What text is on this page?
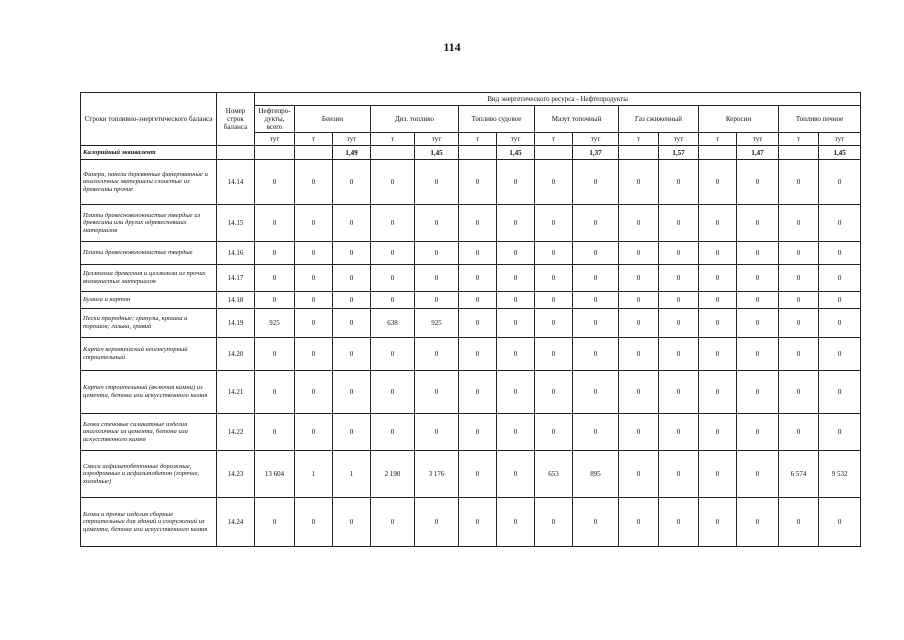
114
Строки топливно-энергетического баланса	Номер строк баланса	Вид энергетического ресурса - Нефтепродукты														
		Нефтепро-дукты, всего	Бензин		Диз. топливо		Топливо судовое		Мазут топочный		Газ сжиженный		Керосин		Топливо печное	
		тут	т	тут	т	тут	т	тут	т	тут	т	тут	т	тут	т	тут
Калорийный эквивалент				1,49		1,45		1,45		1,37		1,57		1,47		1,45
Фанера, панели деревянные фанерованные и аналогичные материалы слоистые из древесины прочие	14.14	0	0	0	0	0	0	0	0	0	0	0	0	0	0	0
Плиты древесноволокнистые твердые из древесины или других одревесневших материалов	14.15	0	0	0	0	0	0	0	0	0	0	0	0	0	0	0
Плиты древесноволокнистые твердые	14.16	0	0	0	0	0	0	0	0	0	0	0	0	0	0	0
Целлюлоза древесная и целлюлоза из прочих волокнистых материалов	14.17	0	0	0	0	0	0	0	0	0	0	0	0	0	0	0
Бумага и картон	14.18	0	0	0	0	0	0	0	0	0	0	0	0	0	0	0
Пески природные; гранулы, крошка и порошок; галька, гравий	14.19	925	0	0	638	925	0	0	0	0	0	0	0	0	0	0
Кирпич керамический неогнеупорный строительный	14.20	0	0	0	0	0	0	0	0	0	0	0	0	0	0	0
Кирпич строительный (включая камни) из цемента, бетона или искусственного камня	14.21	0	0	0	0	0	0	0	0	0	0	0	0	0	0	0
Блоки стеновые силикатные изделия аналогичные из цемента, бетона или искусственного камня	14.22	0	0	0	0	0	0	0	0	0	0	0	0	0	0	0
Смеси асфальтобетонные дорожные, аэродромные и асфальтобетон (горячие, холодные)	14.23	13 604	1	1	2 190	3 176	0	0	653	895	0	0	0	0	6 574	9 532
Блоки и прочие изделия сборные строительные для зданий и сооружений из цемента, бетона или искусственного камня	14.24	0	0	0	0	0	0	0	0	0	0	0	0	0	0	0
